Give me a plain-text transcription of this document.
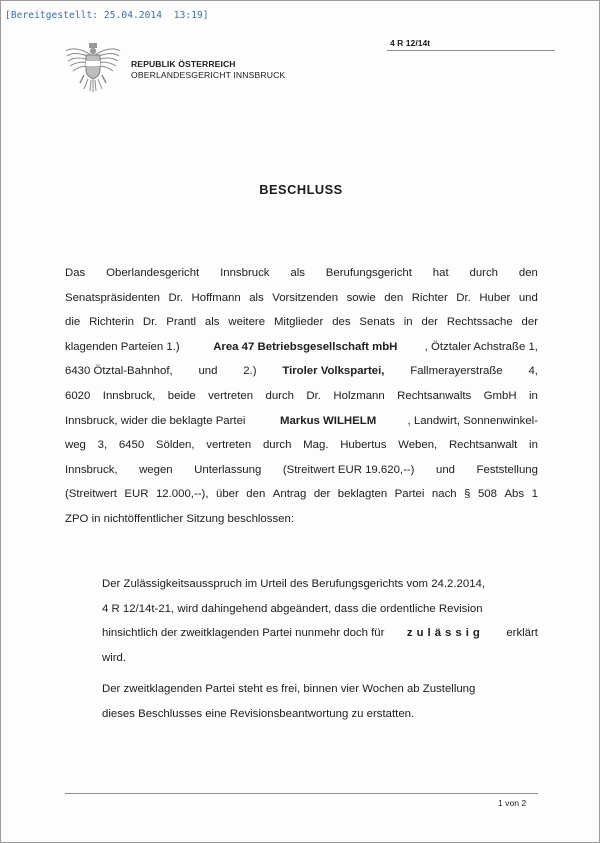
[Bereitgestellt: 25.04.2014  13:19]
REPUBLIK ÖSTERREICH
OBERLANDESGERICHT INNSBRUCK
4 R 12/14t
BESCHLUSS
Das Oberlandesgericht Innsbruck als Berufungsgericht hat durch den
Senatspräsidenten Dr. Hoffmann als Vorsitzenden sowie den Richter Dr. Huber und
die Richterin Dr. Prantl als weitere Mitglieder des Senats in der Rechtssache der
klagenden Parteien 1.) Area 47 Betriebsgesellschaft mbH , Ötztaler Achstraße 1,
6430 Ötztal-Bahnhof, und 2.) Tiroler Volkspartei, Fallmerayerstraße 4,
6020 Innsbruck, beide vertreten durch Dr. Holzmann Rechtsanwalts GmbH in
Innsbruck, wider die beklagte Partei	Markus WILHELM	, Landwirt, Sonnenwinkel-
weg 3, 6450 Sölden, vertreten durch Mag. Hubertus Weben, Rechtsanwalt in
Innsbruck, wegen Unterlassung (Streitwert EUR 19.620,--) und Feststellung
(Streitwert EUR 12.000,--), über den Antrag der beklagten Partei nach § 508 Abs 1
ZPO in nichtöffentlicher Sitzung beschlossen:
Der Zulässigkeitsausspruch im Urteil des Berufungsgerichts vom 24.2.2014,
4 R 12/14t-21, wird dahingehend abgeändert, dass die ordentliche Revision
hinsichtlich der zweitklagenden Partei nunmehr doch für zulässig erklärt
wird.
Der zweitklagenden Partei steht es frei, binnen vier Wochen ab Zustellung
dieses Beschlusses eine Revisionsbeantwortung zu erstatten.
1 von 2
